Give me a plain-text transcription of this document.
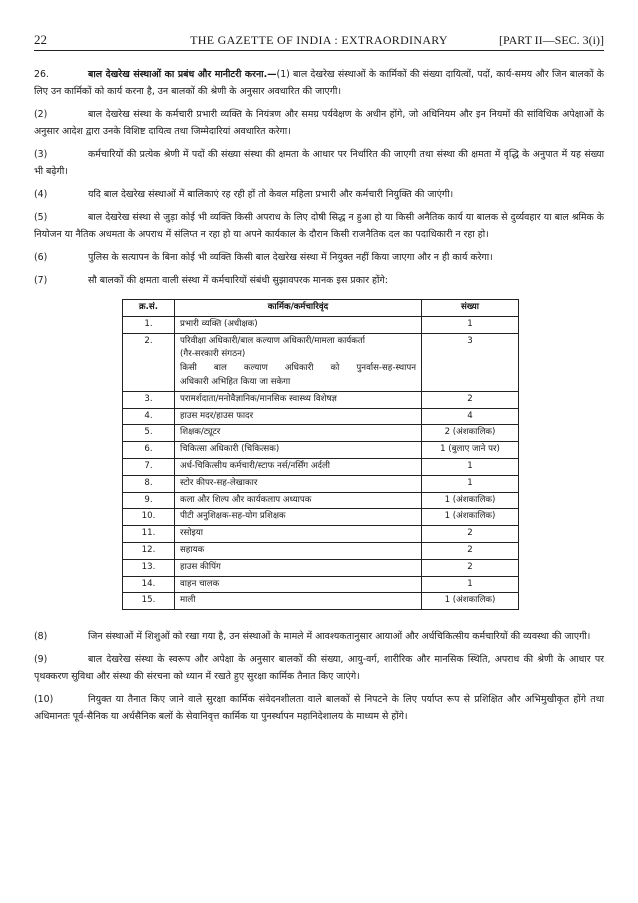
22	THE GAZETTE OF INDIA : EXTRAORDINARY	[PART II—SEC. 3(i)]

26.	बाल देखरेख संस्थाओं का प्रबंध और मानीटरी करना.—(1) बाल देखरेख संस्थाओं के कार्मिकों की संख्या दायित्वों, पदों, कार्य-समय और जिन बालकों के लिए उन कार्मिकों को कार्य करना है, उन बालकों की श्रेणी के अनुसार अवधारित की जाएगी।

(2)	बाल देखरेख संस्था के कर्मचारी प्रभारी व्यक्ति के नियंत्रण और समग्र पर्यवेक्षण के अधीन होंगे, जो अधिनियम और इन नियमों की सांविधिक अपेक्षाओं के अनुसार आदेश द्वारा उनके विशिष्ट दायित्व तथा जिम्मेदारियां अवधारित करेगा।

(3)	कर्मचारियों की प्रत्येक श्रेणी में पदों की संख्या संस्था की क्षमता के आधार पर निर्धारित की जाएगी तथा संस्था की क्षमता में वृद्धि के अनुपात में यह संख्या भी बढ़ेगी।

(4)	यदि बाल देखरेख संस्थाओं में बालिकाएं रह रही हों तो केवल महिला प्रभारी और कर्मचारी नियुक्ति की जाएंगी।

(5)	बाल देखरेख संस्था से जुड़ा कोई भी व्यक्ति किसी अपराध के लिए दोषी सिद्ध न हुआ हो या किसी अनैतिक कार्य या बालक से दुर्व्यवहार या बाल श्रमिक के नियोजन या नैतिक अधमता के अपराध में संलिप्त न रहा हो या अपने कार्यकाल के दौरान किसी राजनैतिक दल का पदाधिकारी न रहा हो।

(6)	पुलिस के सत्यापन के बिना कोई भी व्यक्ति किसी बाल देखरेख संस्था में नियुक्त नहीं किया जाएगा और न ही कार्य करेगा।

(7)	सौ बालकों की क्षमता वाली संस्था में कर्मचारियों संबंधी सुझावपरक मानक इस प्रकार होंगे:

क्र.सं.	कार्मिक/कर्मचारिवृंद	संख्या
1.	प्रभारी व्यक्ति (अधीक्षक)	1
2.	परिवीक्षा अधिकारी/बाल कल्याण अधिकारी/मामला कार्यकर्ता

(गैर-सरकारी संगठन)

किसी बाल कल्याण अधिकारी को पुनर्वास-सह-स्थापन

अधिकारी अभिहित किया जा सकेगा	3
3.	परामर्शदाता/मनोवैज्ञानिक/मानसिक स्वास्थ्य विशेषज्ञ	2
4.	हाउस मदर/हाउस फादर	4
5.	शिक्षक/ट्यूटर	2 (अंशकालिक)
6.	चिकित्सा अधिकारी (चिकित्सक)	1 (बुलाए जाने पर)
7.	अर्ध-चिकित्सीय कर्मचारी/स्टाफ नर्स/नर्सिंग अर्दली	1
8.	स्टोर कीपर-सह-लेखाकार	1
9.	कला और शिल्प और कार्यकलाप अध्यापक	1 (अंशकालिक)
10.	पीटी अनुशिक्षक-सह-योग प्रशिक्षक	1 (अंशकालिक)
11.	रसोइया	2
12.	सहायक	2
13.	हाउस कीपिंग	2
14.	वाहन चालक	1
15.	माली	1 (अंशकालिक)

(8)	जिन संस्थाओं में शिशुओं को रखा गया है, उन संस्थाओं के मामले में आवश्यकतानुसार आयाओं और अर्धचिकित्सीय कर्मचारियों की व्यवस्था की जाएगी।

(9)	बाल देखरेख संस्था के स्वरूप और अपेक्षा के अनुसार बालकों की संख्या, आयु-वर्ग, शारीरिक और मानसिक स्थिति, अपराध की श्रेणी के आधार पर पृथक्करण सुविधा और संस्था की संरचना को ध्यान में रखते हुए सुरक्षा कार्मिक तैनात किए जाएंगे।

(10)	नियुक्त या तैनात किए जाने वाले सुरक्षा कार्मिक संवेदनशीलता वाले बालकों से निपटने के लिए पर्याप्त रूप से प्रशिक्षित और अभिमुखीकृत होंगे तथा अधिमानतः पूर्व-सैनिक या अर्धसैनिक बलों के सेवानिवृत्त कार्मिक या पुनर्स्थापन महानिदेशालय के माध्यम से होंगे।
